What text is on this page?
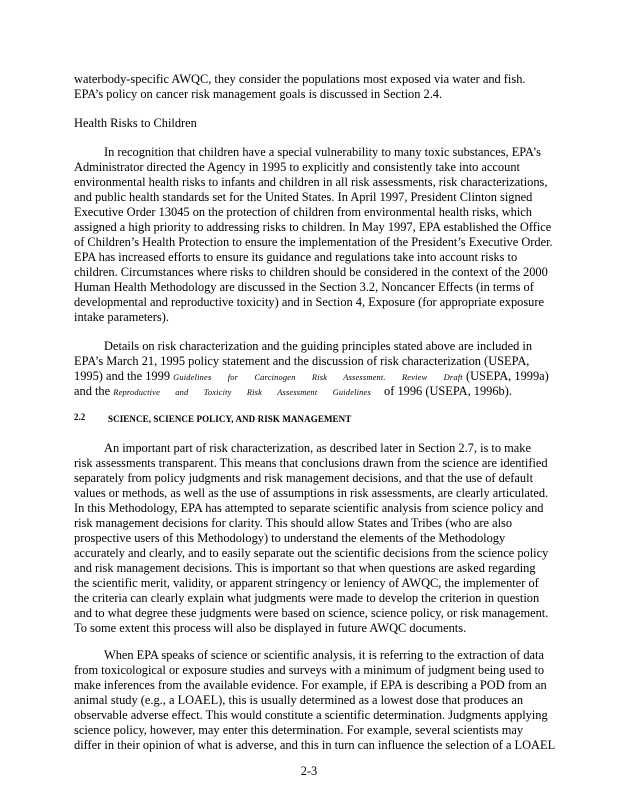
waterbody-specific AWQC, they consider the populations most exposed via water and fish.
EPA’s policy on cancer risk management goals is discussed in Section 2.4.
Health Risks to Children
In recognition that children have a special vulnerability to many toxic substances, EPA’s
Administrator directed the Agency in 1995 to explicitly and consistently take into account
environmental health risks to infants and children in all risk assessments, risk characterizations,
and public health standards set for the United States. In April 1997, President Clinton signed
Executive Order 13045 on the protection of children from environmental health risks, which
assigned a high priority to addressing risks to children. In May 1997, EPA established the Office
of Children’s Health Protection to ensure the implementation of the President’s Executive Order.
EPA has increased efforts to ensure its guidance and regulations take into account risks to
children. Circumstances where risks to children should be considered in the context of the 2000
Human Health Methodology are discussed in the Section 3.2, Noncancer Effects (in terms of
developmental and reproductive toxicity) and in Section 4, Exposure (for appropriate exposure
intake parameters).
Details on risk characterization and the guiding principles stated above are included in
EPA’s March 21, 1995 policy statement and the discussion of risk characterization (USEPA,
1995) and the 1999 Guidelines for Carcinogen Risk Assessment. Review Draft (USEPA, 1999a)
and the Reproductive and Toxicity Risk Assessment Guidelines of 1996 (USEPA, 1996b).
2.2	SCIENCE, SCIENCE POLICY, AND RISK MANAGEMENT
An important part of risk characterization, as described later in Section 2.7, is to make
risk assessments transparent. This means that conclusions drawn from the science are identified
separately from policy judgments and risk management decisions, and that the use of default
values or methods, as well as the use of assumptions in risk assessments, are clearly articulated.
In this Methodology, EPA has attempted to separate scientific analysis from science policy and
risk management decisions for clarity. This should allow States and Tribes (who are also
prospective users of this Methodology) to understand the elements of the Methodology
accurately and clearly, and to easily separate out the scientific decisions from the science policy
and risk management decisions. This is important so that when questions are asked regarding
the scientific merit, validity, or apparent stringency or leniency of AWQC, the implementer of
the criteria can clearly explain what judgments were made to develop the criterion in question
and to what degree these judgments were based on science, science policy, or risk management.
To some extent this process will also be displayed in future AWQC documents.
When EPA speaks of science or scientific analysis, it is referring to the extraction of data
from toxicological or exposure studies and surveys with a minimum of judgment being used to
make inferences from the available evidence. For example, if EPA is describing a POD from an
animal study (e.g., a LOAEL), this is usually determined as a lowest dose that produces an
observable adverse effect. This would constitute a scientific determination. Judgments applying
science policy, however, may enter this determination. For example, several scientists may
differ in their opinion of what is adverse, and this in turn can influence the selection of a LOAEL
2-3
